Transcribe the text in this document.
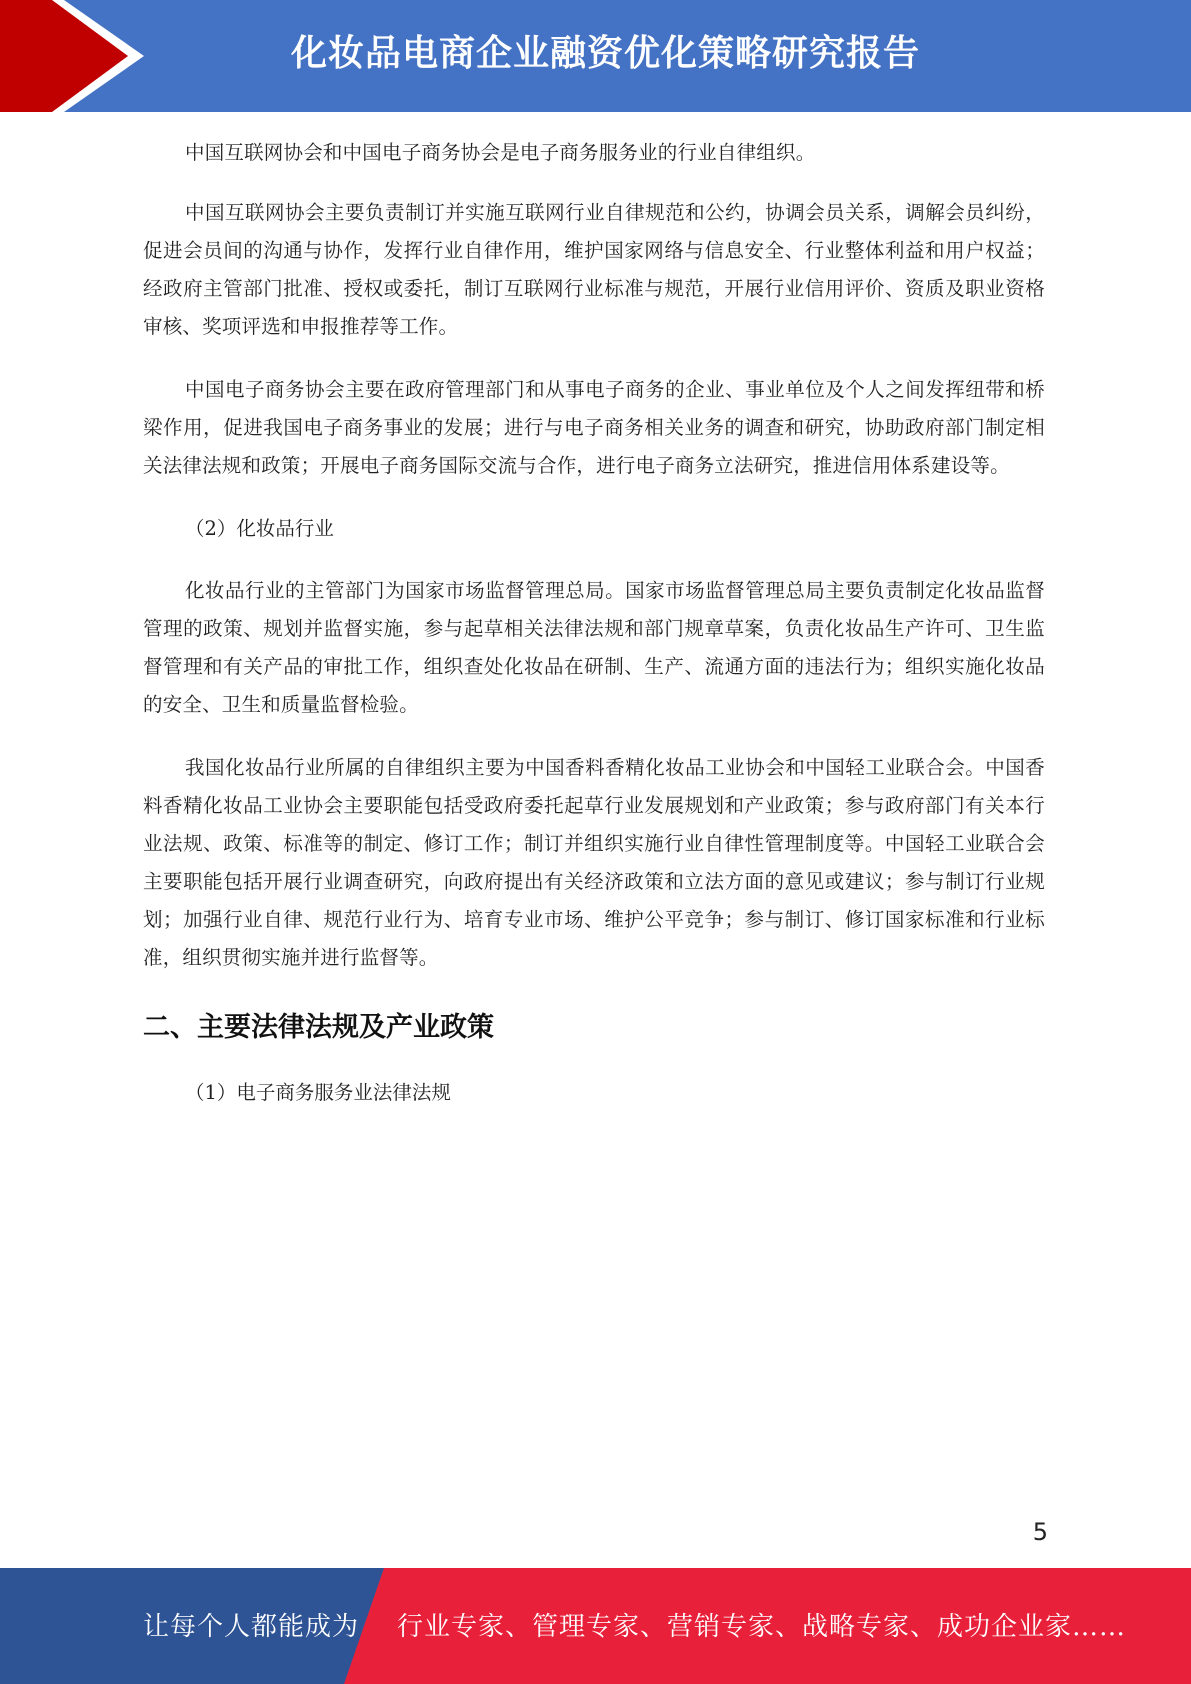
化妆品电商企业融资优化策略研究报告

中国互联网协会和中国电子商务协会是电子商务服务业的行业自律组织。

中国互联网协会主要负责制订并实施互联网行业自律规范和公约，协调会员关系，调解会员纠纷，促进会员间的沟通与协作，发挥行业自律作用，维护国家网络与信息安全、行业整体利益和用户权益；经政府主管部门批准、授权或委托，制订互联网行业标准与规范，开展行业信用评价、资质及职业资格审核、奖项评选和申报推荐等工作。

中国电子商务协会主要在政府管理部门和从事电子商务的企业、事业单位及个人之间发挥纽带和桥梁作用，促进我国电子商务事业的发展；进行与电子商务相关业务的调查和研究，协助政府部门制定相关法律法规和政策；开展电子商务国际交流与合作，进行电子商务立法研究，推进信用体系建设等。

（2）化妆品行业

化妆品行业的主管部门为国家市场监督管理总局。国家市场监督管理总局主要负责制定化妆品监督管理的政策、规划并监督实施，参与起草相关法律法规和部门规章草案，负责化妆品生产许可、卫生监督管理和有关产品的审批工作，组织查处化妆品在研制、生产、流通方面的违法行为；组织实施化妆品的安全、卫生和质量监督检验。

我国化妆品行业所属的自律组织主要为中国香料香精化妆品工业协会和中国轻工业联合会。中国香料香精化妆品工业协会主要职能包括受政府委托起草行业发展规划和产业政策；参与政府部门有关本行业法规、政策、标准等的制定、修订工作；制订并组织实施行业自律性管理制度等。中国轻工业联合会主要职能包括开展行业调查研究，向政府提出有关经济政策和立法方面的意见或建议；参与制订行业规划；加强行业自律、规范行业行为、培育专业市场、维护公平竞争；参与制订、修订国家标准和行业标准，组织贯彻实施并进行监督等。

二、主要法律法规及产业政策

（1）电子商务服务业法律法规

5
让每个人都能成为 行业专家、管理专家、营销专家、战略专家、成功企业家……
